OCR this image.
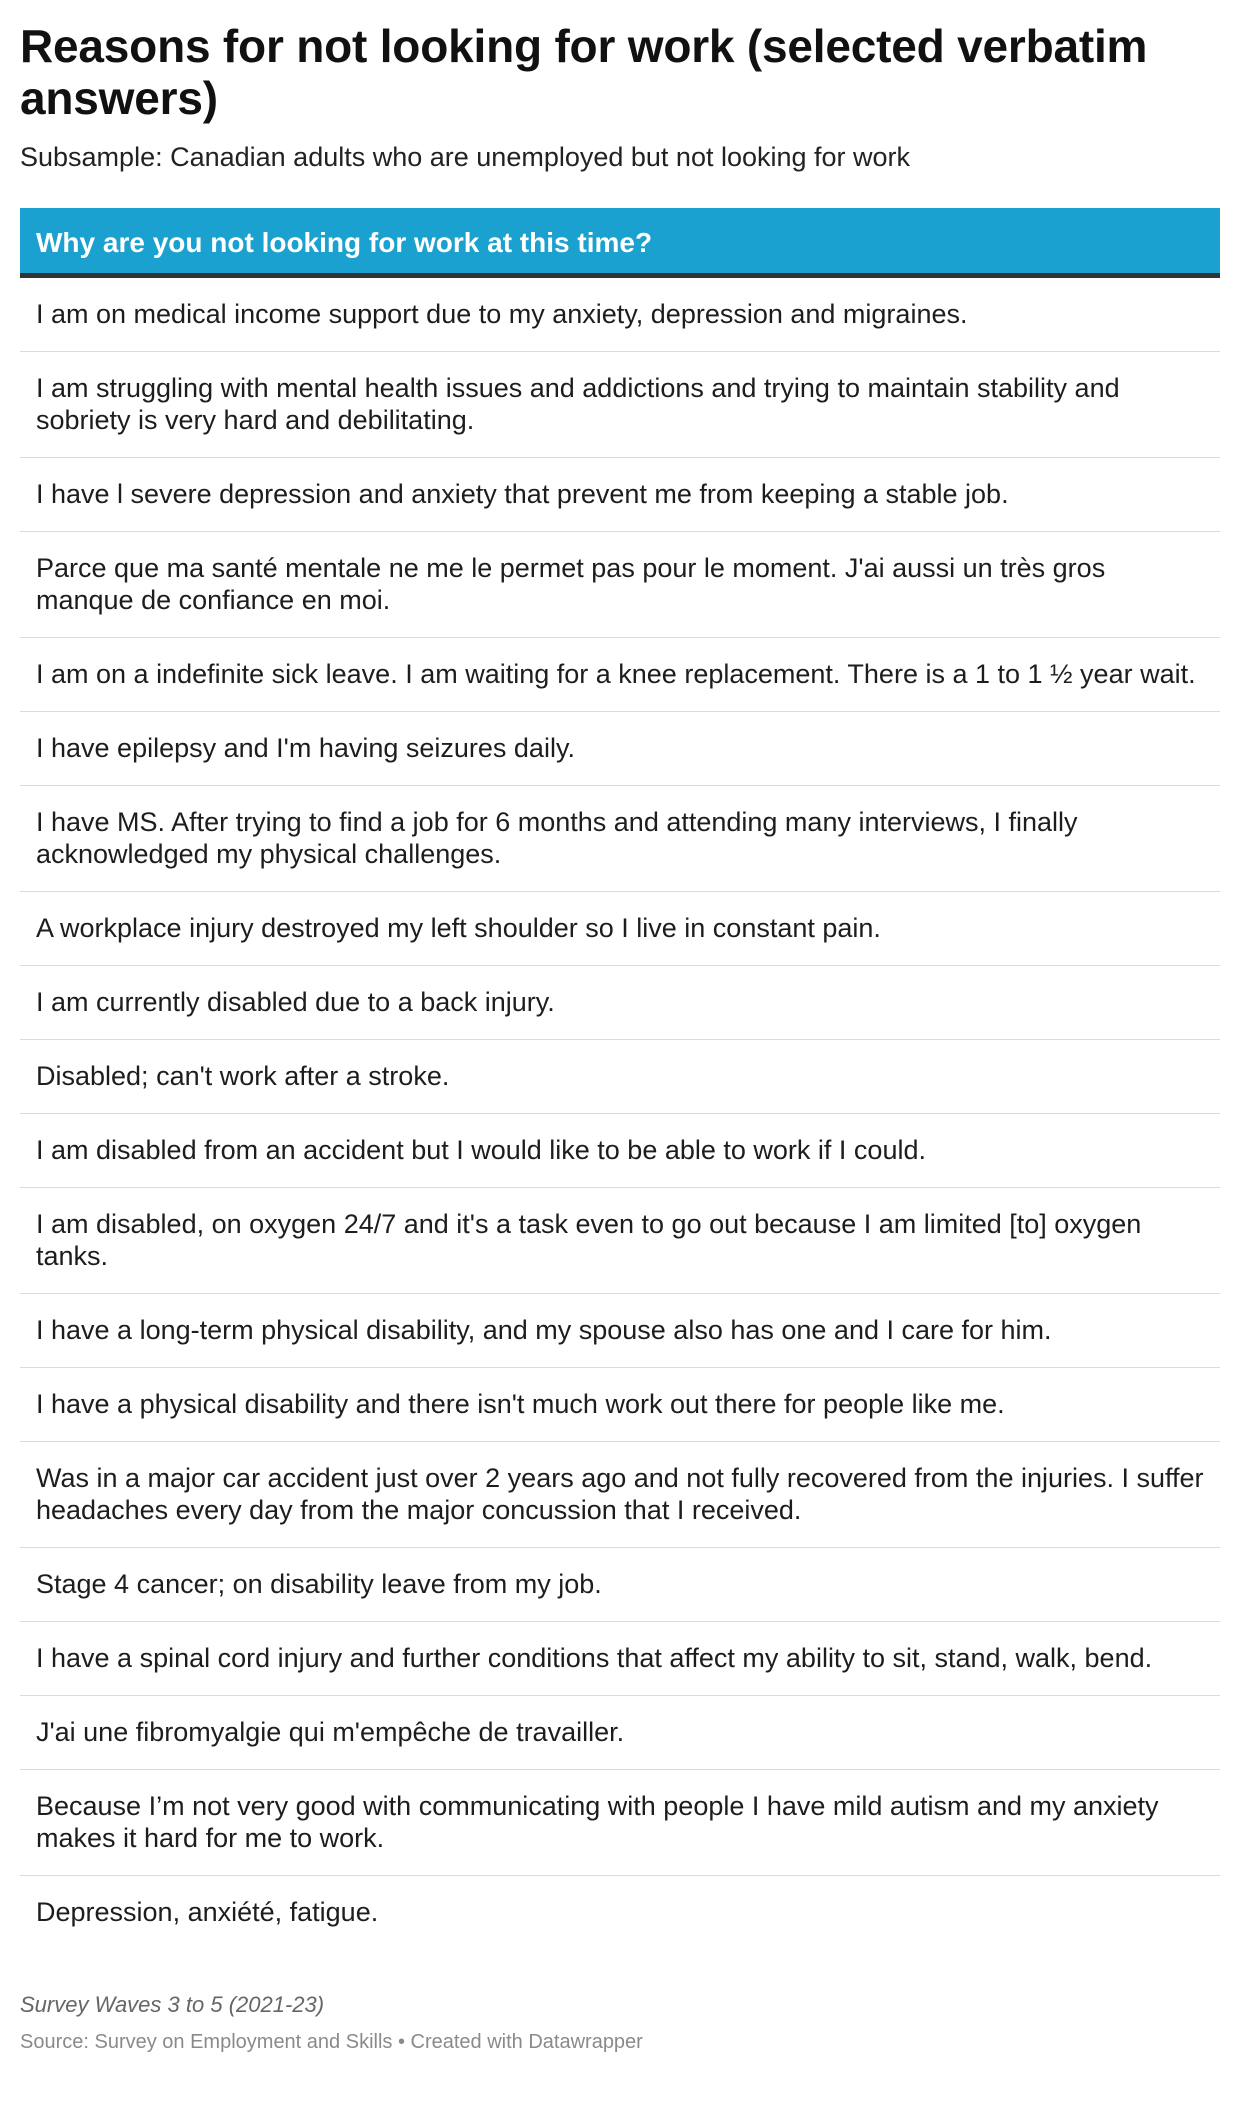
Reasons for not looking for work (selected verbatim answers)
Subsample: Canadian adults who are unemployed but not looking for work
Why are you not looking for work at this time?
I am on medical income support due to my anxiety, depression and migraines.
I am struggling with mental health issues and addictions and trying to maintain stability and sobriety is very hard and debilitating.
I have l severe depression and anxiety that prevent me from keeping a stable job.
Parce que ma santé mentale ne me le permet pas pour le moment. J'ai aussi un très gros manque de confiance en moi.
I am on a indefinite sick leave. I am waiting for a knee replacement. There is a 1 to 1 ½ year wait.
I have epilepsy and I'm having seizures daily.
I have MS. After trying to find a job for 6 months and attending many interviews, I finally acknowledged my physical challenges.
A workplace injury destroyed my left shoulder so I live in constant pain.
I am currently disabled due to a back injury.
Disabled; can't work after a stroke.
I am disabled from an accident but I would like to be able to work if I could.
I am disabled, on oxygen 24/7 and it's a task even to go out because I am limited [to] oxygen tanks.
I have a long-term physical disability, and my spouse also has one and I care for him.
I have a physical disability and there isn't much work out there for people like me.
Was in a major car accident just over 2 years ago and not fully recovered from the injuries. I suffer headaches every day from the major concussion that I received.
Stage 4 cancer; on disability leave from my job.
I have a spinal cord injury and further conditions that affect my ability to sit, stand, walk, bend.
J'ai une fibromyalgie qui m'empêche de travailler.
Because I’m not very good with communicating with people I have mild autism and my anxiety makes it hard for me to work.
Depression, anxiété, fatigue.
Survey Waves 3 to 5 (2021-23)
Source: Survey on Employment and Skills • Created with Datawrapper
